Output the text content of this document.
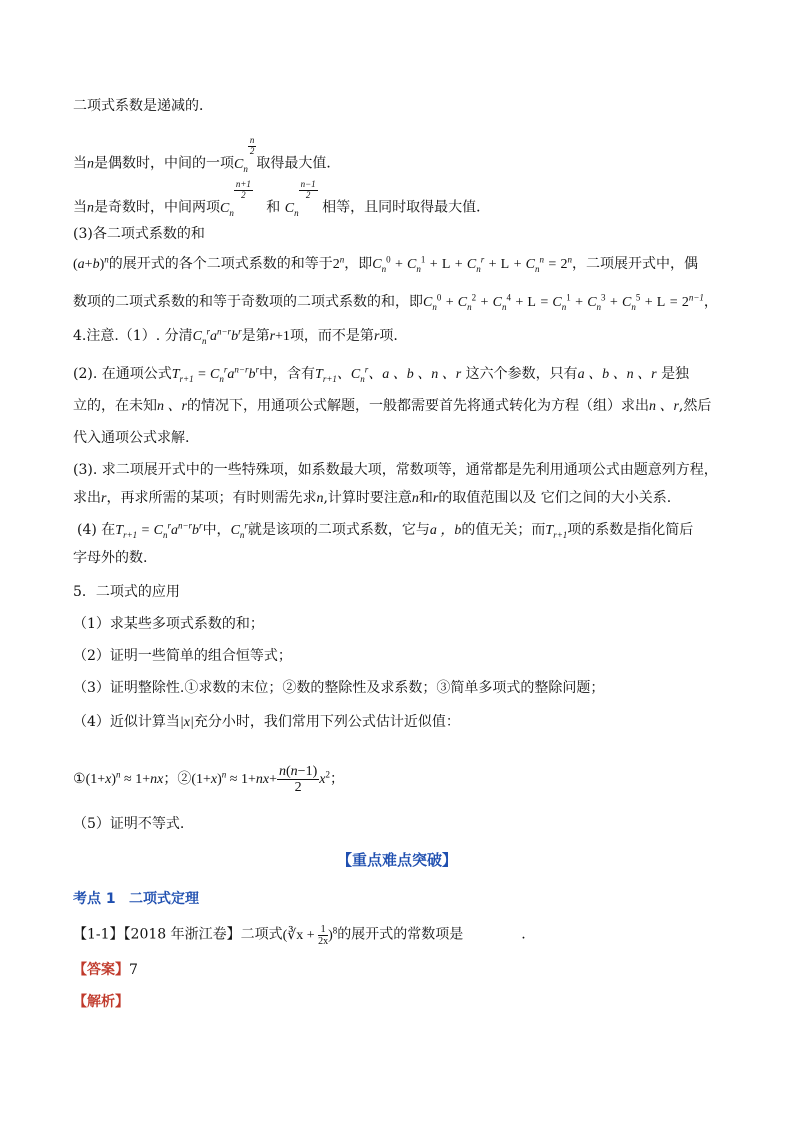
二项式系数是递减的．
当n是偶数时，中间的一项$C_n$
$^{\frac{n}{2}}$
取得最大值．
当n是奇数时，中间两项$C_n$
$^{\frac{n+1}{2}}$
和 $C_n$
$^{\frac{n-1}{2}}$
相等，且同时取得最大值．
(3)各二项式系数的和
$(a+b)^n$的展开式的各个二项式系数的和等于2$^n$，即$C_n^0 + C_n^1 + L + C_n^r + L + C_n^n = 2^n$，二项展开式中，偶
数项的二项式系数的和等于奇数项的二项式系数的和，即$C_n^0 + C_n^2 + C_n^4 + L = C_n^1 + C_n^3 + C_n^5 + L = 2^{n-1}$，
4.注意.（1）. 分清$C_n^ra^{n-r}b^r$是第r+1项，而不是第r项.
(2). 在通项公式$T_{r+1} = C_n^ra^{n-r}b^r$中，含有$T_{r+1}$、$C_n^r$、a 、b 、n 、r 这六个参数，只有a 、b 、n 、r 是独
立的，在未知n 、r的情况下，用通项公式解题，一般都需要首先将通式转化为方程（组）求出n 、r,然后
代入通项公式求解.
(3). 求二项展开式中的一些特殊项，如系数最大项，常数项等，通常都是先利用通项公式由题意列方程，
求出r，再求所需的某项；有时则需先求n,计算时要注意n和r的取值范围以及 它们之间的大小关系.
(4) 在$T_{r+1} = C_n^ra^{n-r}b^r$中，$C_n^r$就是该项的二项式系数，它与a ，b的值无关；而$T_{r+1}$项的系数是指化简后
字母外的数.
5．二项式的应用
（1）求某些多项式系数的和；
（2）证明一些简单的组合恒等式；
（3）证明整除性.①求数的末位；②数的整除性及求系数；③简单多项式的整除问题；
（4）近似计算当|x|充分小时，我们常用下列公式估计近似值：
$①(1+x)^n \approx 1+nx$；$②(1+x)^n \approx 1+nx+ \frac{n(n-1)}{2} x^2$；
（5）证明不等式.
【重点难点突破】
考点 1 二项式定理
【1-1】【2018 年浙江卷】二项式(∛x + $\frac{1}{2x} )^8$的展开式的常数项是	.
【答案】7
【解析】
